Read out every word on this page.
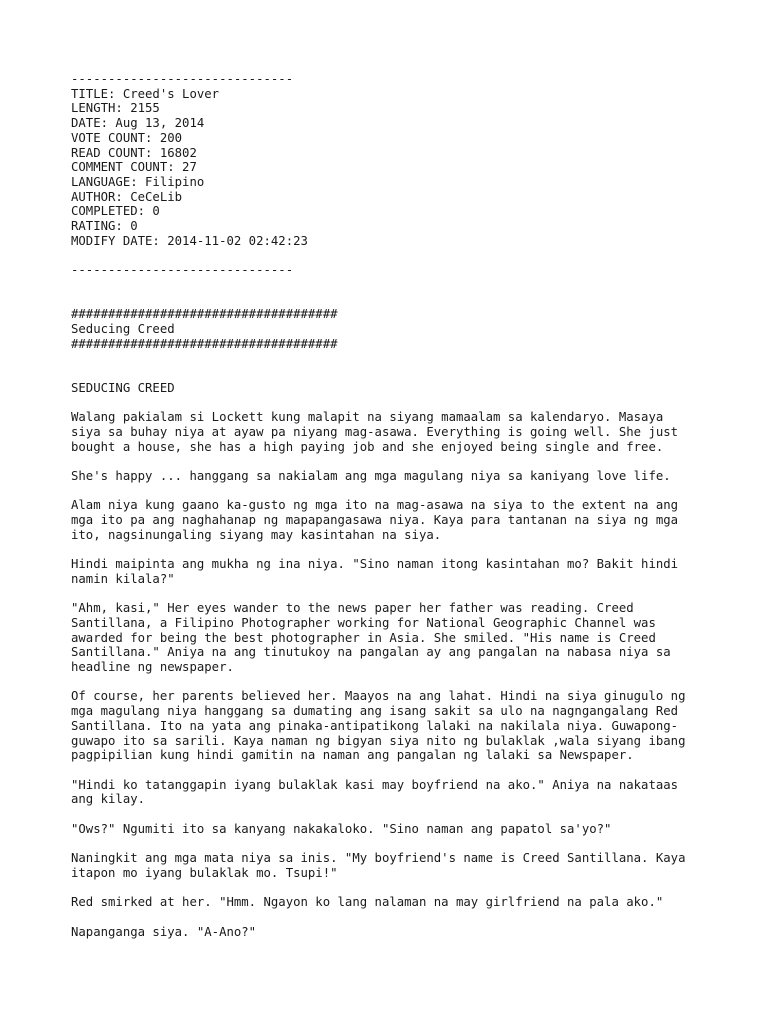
------------------------------
TITLE: Creed's Lover
LENGTH: 2155
DATE: Aug 13, 2014
VOTE COUNT: 200
READ COUNT: 16802
COMMENT COUNT: 27
LANGUAGE: Filipino
AUTHOR: CeCeLib
COMPLETED: 0
RATING: 0
MODIFY DATE: 2014-11-02 02:42:23
------------------------------
####################################
Seducing Creed
####################################
SEDUCING CREED
Walang pakialam si Lockett kung malapit na siyang mamaalam sa kalendaryo. Masaya
siya sa buhay niya at ayaw pa niyang mag-asawa. Everything is going well. She just
bought a house, she has a high paying job and she enjoyed being single and free.
She's happy ... hanggang sa nakialam ang mga magulang niya sa kaniyang love life.
Alam niya kung gaano ka-gusto ng mga ito na mag-asawa na siya to the extent na ang
mga ito pa ang naghahanap ng mapapangasawa niya. Kaya para tantanan na siya ng mga
ito, nagsinungaling siyang may kasintahan na siya.
Hindi maipinta ang mukha ng ina niya. "Sino naman itong kasintahan mo? Bakit hindi
namin kilala?"
"Ahm, kasi," Her eyes wander to the news paper her father was reading. Creed
Santillana, a Filipino Photographer working for National Geographic Channel was
awarded for being the best photographer in Asia. She smiled. "His name is Creed
Santillana." Aniya na ang tinutukoy na pangalan ay ang pangalan na nabasa niya sa
headline ng newspaper.
Of course, her parents believed her. Maayos na ang lahat. Hindi na siya ginugulo ng
mga magulang niya hanggang sa dumating ang isang sakit sa ulo na nagngangalang Red
Santillana. Ito na yata ang pinaka-antipatikong lalaki na nakilala niya. Guwapong-
guwapo ito sa sarili. Kaya naman ng bigyan siya nito ng bulaklak ,wala siyang ibang
pagpipilian kung hindi gamitin na naman ang pangalan ng lalaki sa Newspaper.
"Hindi ko tatanggapin iyang bulaklak kasi may boyfriend na ako." Aniya na nakataas
ang kilay.
"Ows?" Ngumiti ito sa kanyang nakakaloko. "Sino naman ang papatol sa'yo?"
Naningkit ang mga mata niya sa inis. "My boyfriend's name is Creed Santillana. Kaya
itapon mo iyang bulaklak mo. Tsupi!"
Red smirked at her. "Hmm. Ngayon ko lang nalaman na may girlfriend na pala ako."
Napanganga siya. "A-Ano?"
